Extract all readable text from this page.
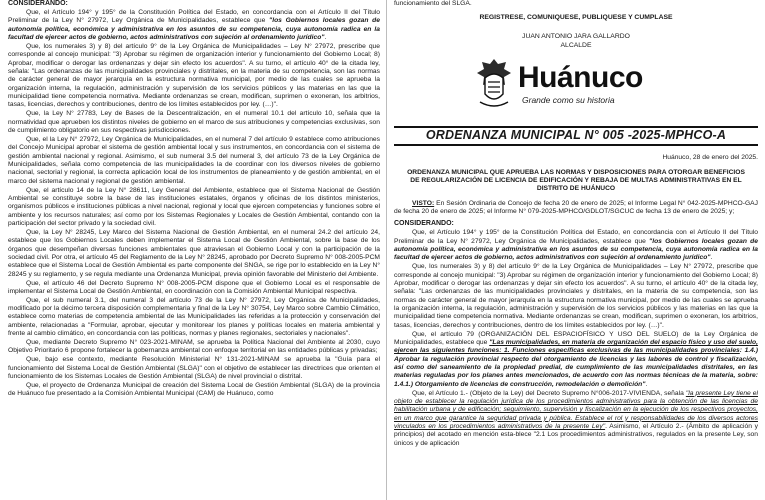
CONSIDERANDO:

Que, el Artículo 194° y 195° de la Constitución Política del Estado, en concordancia con el Artículo II del Título Preliminar de la Ley N° 27972, Ley Orgánica de Municipalidades, establece que "los Gobiernos locales gozan de autonomía política, económica y administrativa en los asuntos de su competencia, cuya autonomía radica en la facultad de ejercer actos de gobierno, actos administrativos con sujeción al ordenamiento jurídico".

Que, los numerales 3) y 8) del artículo 9° de la Ley Orgánica de Municipalidades – Ley N° 27972, prescribe que corresponde al concejo municipal: "3) Aprobar su régimen de organización interior y funcionamiento del Gobierno Local; 8) Aprobar, modificar o derogar las ordenanzas y dejar sin efecto los acuerdos". A su turno, el artículo 40° de la citada ley, señala: "Las ordenanzas de las municipalidades provinciales y distritales, en la materia de su competencia, son las normas de carácter general de mayor jerarquía en la estructura normativa municipal, por medio de las cuales se aprueba la organización interna, la regulación, administración y supervisión de los servicios públicos y las materias en las que la municipalidad tiene competencia normativa. Mediante ordenanzas se crean, modifican, suprimen o exoneran, los arbitrios, tasas, licencias, derechos y contribuciones, dentro de los límites establecidos por ley. (…)".

Que, la Ley N° 27783, Ley de Bases de la Descentralización, en el numeral 10.1 del artículo 10, señala que la normatividad que aprueben los distintos niveles de gobierno en el marco de sus atribuciones y competencias exclusivas, son de cumplimiento obligatorio en sus respectivas jurisdicciones.

Que, el la Ley N° 27972, Ley Orgánica de Municipalidades, en el numeral 7 del artículo 9 establece como atribuciones del Concejo Municipal aprobar el sistema de gestión ambiental local y sus instrumentos, en concordancia con el sistema de gestión ambiental nacional y regional. Asimismo, el sub numeral 3.5 del numeral 3, del artículo 73 de la Ley Orgánica de Municipalidades, señala como competencia de las municipalidades la de coordinar con los diversos niveles de gobierno nacional, sectorial y regional, la correcta aplicación local de los instrumentos de planeamiento y de gestión ambiental, en el marco del sistema nacional y regional de gestión ambiental.

Que, el artículo 14 de la Ley N° 28611, Ley General del Ambiente, establece que el Sistema Nacional de Gestión Ambiental se constituye sobre la base de las instituciones estatales, órganos y oficinas de los distintos ministerios, organismos públicos e instituciones públicas a nivel nacional, regional y local que ejercen competencias y funciones sobre el ambiente y los recursos naturales; así como por los Sistemas Regionales y Locales de Gestión Ambiental, contando con la participación del sector privado y la sociedad civil.

Que, la Ley N° 28245, Ley Marco del Sistema Nacional de Gestión Ambiental, en el numeral 24.2 del artículo 24, establece que los Gobiernos Locales deben implementar el Sistema Local de Gestión Ambiental, sobre la base de los órganos que desempeñan diversas funciones ambientales que atraviesan el Gobierno Local y con la participación de la sociedad civil. Por otra, el artículo 45 del Reglamento de la Ley N° 28245, aprobado por Decreto Supremo N° 008-2005-PCM establece que el Sistema Local de Gestión Ambiental es parte componente del SNGA, se rige por lo establecido en la Ley N° 28245 y su reglamento, y se regula mediante una Ordenanza Municipal, previa opinión favorable del Ministerio del Ambiente.

Que, el artículo 46 del Decreto Supremo N° 008-2005-PCM dispone que el Gobierno Local es el responsable de implementar el Sistema Local de Gestión Ambiental, en coordinación con la Comisión Ambiental Municipal respectiva.

Que, el sub numeral 3.1, del numeral 3 del artículo 73 de la Ley N° 27972, Ley Orgánica de Municipalidades, modificado por la décimo tercera disposición complementaria y final de la Ley N° 30754, Ley Marco sobre Cambio Climático, establece como materias de competencia ambiental de las Municipalidades las referidas a la protección y conservación del ambiente, relacionadas a "Formular, aprobar, ejecutar y monitorear los planes y políticas locales en materia ambiental y frente al cambio climático, en concordancia con las políticas, normas y planes regionales, sectoriales y nacionales".

Que, mediante Decreto Supremo N° 023-2021-MINAM, se aprueba la Política Nacional del Ambiente al 2030, cuyo Objetivo Prioritario 6 propone fortalecer la gobernanza ambiental con enfoque territorial en las entidades públicas y privadas;

Que, bajo ese contexto, mediante Resolución Ministerial N° 131-2021-MINAM se aprueba la "Guía para el funcionamiento del Sistema Local de Gestión Ambiental (SLGA)" con el objetivo de establecer las directrices que orienten el funcionamiento de los Sistemas Locales de Gestión Ambiental (SLGA) de nivel provincial o distrital.

Que, el proyecto de Ordenanza Municipal de creación del Sistema Local de Gestión Ambiental (SLGA) de la provincia de Huánuco fue presentado a la Comisión Ambiental Municipal (CAM) de Huánuco, como

funcionamiento del SLGA.

REGISTRESE, COMUNIQUESE, PUBLIQUESE Y CUMPLASE

JUAN ANTONIO JARA GALLARDO

ALCALDE

Huánuco
Grande como su historia
ORDENANZA MUNICIPAL N° 005 -2025-MPHCO-A

Huánuco, 28 de enero del 2025.

ORDENANZA MUNICIPAL QUE APRUEBA LAS NORMAS Y DISPOSICIONES PARA OTORGAR BENEFICIOS DE REGULARIZACIÓN DE LICENCIA DE EDIFICACIÓN Y REBAJA DE MULTAS ADMINISTRATIVAS EN EL DISTRITO DE HUÁNUCO

VISTO: En Sesión Ordinaria de Concejo de fecha 20 de enero de 2025; el Informe Legal N° 042-2025-MPHCO-GAJ de fecha 20 de enero de 2025; el Informe N° 079-2025-MPHCO/GDLOT/SGCUC de fecha 13 de enero de 2025; y;

CONSIDERANDO:

Que, el Artículo 194° y 195° de la Constitución Política del Estado, en concordancia con el Artículo II del Título Preliminar de la Ley N° 27972, Ley Orgánica de Municipalidades, establece que "los Gobiernos locales gozan de autonomía política, económica y administrativa en los asuntos de su competencia, cuya autonomía radica en la facultad de ejercer actos de gobierno, actos administrativos con sujeción al ordenamiento jurídico".

Que, los numerales 3) y 8) del artículo 9° de la Ley Orgánica de Municipalidades – Ley N° 27972, prescribe que corresponde al concejo municipal: "3) Aprobar su régimen de organización interior y funcionamiento del Gobierno Local; 8) Aprobar, modificar o derogar las ordenanzas y dejar sin efecto los acuerdos". A su turno, el artículo 40° de la citada ley, señala: "Las ordenanzas de las municipalidades provinciales y distritales, en la materia de su competencia, son las normas de carácter general de mayor jerarquía en la estructura normativa municipal, por medio de las cuales se aprueba la organización interna, la regulación, administración y supervisión de los servicios públicos y las materias en las que la municipalidad tiene competencia normativa. Mediante ordenanzas se crean, modifican, suprimen o exoneran, los arbitrios, tasas, licencias, derechos y contribuciones, dentro de los límites establecidos por ley. (…)".

Que, el artículo 79 (ORGANIZACIÓN DEL ESPACIOFÍSICO Y USO DEL SUELO) de la Ley Orgánica de Municipalidades, establece que "Las municipalidades, en materia de organización del espacio físico y uso del suelo, ejercen las siguientes funciones: 1. Funciones específicas exclusivas de las municipalidades provinciales: 1.4.) Aprobar la regulación provincial respecto del otorgamiento de licencias y las labores de control y fiscalización, así como del saneamiento de la propiedad predial, de cumplimiento de las municipalidades distritales, en las materias reguladas por los planes antes mencionados, de acuerdo con las normas técnicas de la materia, sobre: 1.4.1.) Otorgamiento de licencias de construcción, remodelación o demolición".

Que, el Artículo 1.- (Objeto de la Ley) del Decreto Supremo N°006-2017-VIVIENDA, señala "la presente Ley tiene el objeto de establecer la regulación jurídica de los procedimientos administrativos para la obtención de las licencias de habilitación urbana y de edificación; seguimiento, supervisión y fiscalización en la ejecución de los respectivos proyectos, en un marco que garantice la seguridad privada y pública. Establece el rol y responsabilidades de los diversos actores vinculados en los procedimientos administrativos de la presente Ley". Asimismo, el Artículo 2.- (Ámbito de aplicación y principios) del acotado en mención esta-blece "2.1 Los procedimientos administrativos, regulados en la presente Ley, son únicos y de aplicación
